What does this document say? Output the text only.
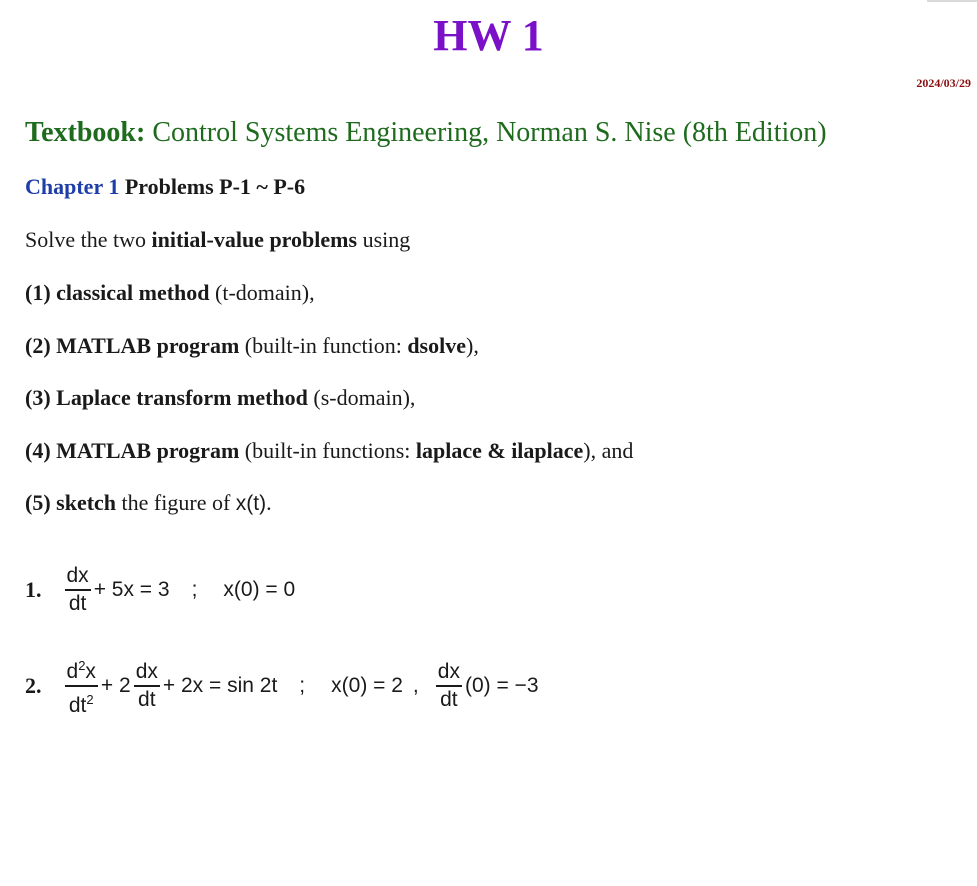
HW 1
2024/03/29
Textbook: Control Systems Engineering, Norman S. Nise (8th Edition)
Chapter 1 Problems P-1 ~ P-6
Solve the two initial-value problems using
(1) classical method (t-domain),
(2) MATLAB program (built-in function: dsolve),
(3) Laplace transform method (s-domain),
(4) MATLAB program (built-in functions: laplace & ilaplace), and
(5) sketch the figure of x(t).
1. $\frac{dx}{dt} + 5x = 3$ ; x(0) = 0
2. $\frac{d^2x}{dt^2} + 2 \frac{dx}{dt} + 2x = \sin 2t$ ; x(0) = 2 , $\frac{dx}{dt} (0) = -3$
